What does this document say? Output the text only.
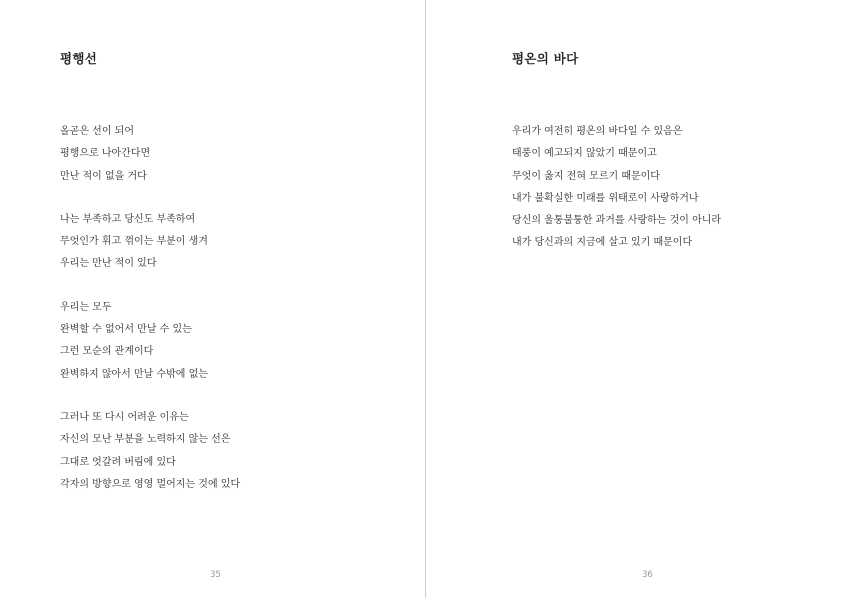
평행선
올곧은 선이 되어
평행으로 나아간다면
만난 적이 없을 거다
나는 부족하고 당신도 부족하여
무엇인가 휘고 꺾이는 부분이 생겨
우리는 만난 적이 있다
우리는 모두
완벽할 수 없어서 만날 수 있는
그런 모순의 관계이다
완벽하지 않아서 만날 수밖에 없는
그러나 또 다시 어려운 이유는
자신의 모난 부분을 노력하지 않는 선은
그대로 엇갈려 버림에 있다
각자의 방향으로 영영 멀어지는 것에 있다
35
평온의 바다
우리가 여전히 평온의 바다일 수 있음은
태풍이 예고되지 않았기 때문이고
무엇이 옳지 전혀 모르기 때문이다
내가 불확실한 미래를 위태로이 사랑하거나
당신의 울퉁불퉁한 과거를 사랑하는 것이 아니라
내가 당신과의 지금에 살고 있기 때문이다
36
